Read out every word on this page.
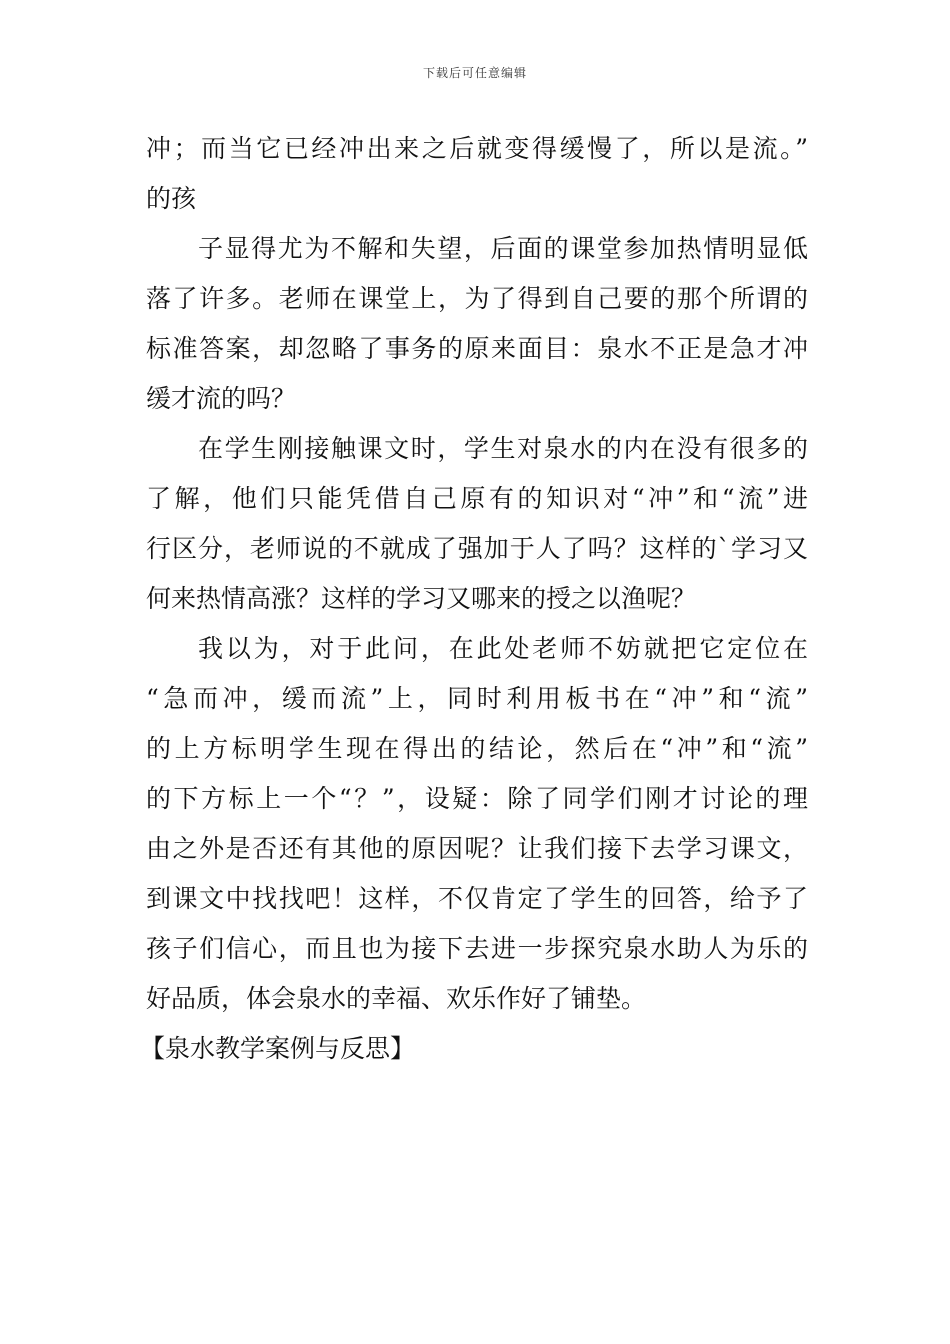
下载后可任意编辑
冲；而当它已经冲出来之后就变得缓慢了，所以是流。”
的孩
子显得尤为不解和失望，后面的课堂参加热情明显低
落了许多。老师在课堂上，为了得到自己要的那个所谓的
标准答案，却忽略了事务的原来面目：泉水不正是急才冲
缓才流的吗？
在学生刚接触课文时，学生对泉水的内在没有很多的
了解，他们只能凭借自己原有的知识对“冲”和“流”进
行区分，老师说的不就成了强加于人了吗？这样的`学习又
何来热情高涨？这样的学习又哪来的授之以渔呢？
我以为，对于此问，在此处老师不妨就把它定位在
“急而冲，缓而流”上，同时利用板书在“冲”和“流”
的上方标明学生现在得出的结论，然后在“冲”和“流”
的下方标上一个“？”，设疑：除了同学们刚才讨论的理
由之外是否还有其他的原因呢？让我们接下去学习课文，
到课文中找找吧！这样，不仅肯定了学生的回答，给予了
孩子们信心，而且也为接下去进一步探究泉水助人为乐的
好品质，体会泉水的幸福、欢乐作好了铺垫。
【泉水教学案例与反思】
